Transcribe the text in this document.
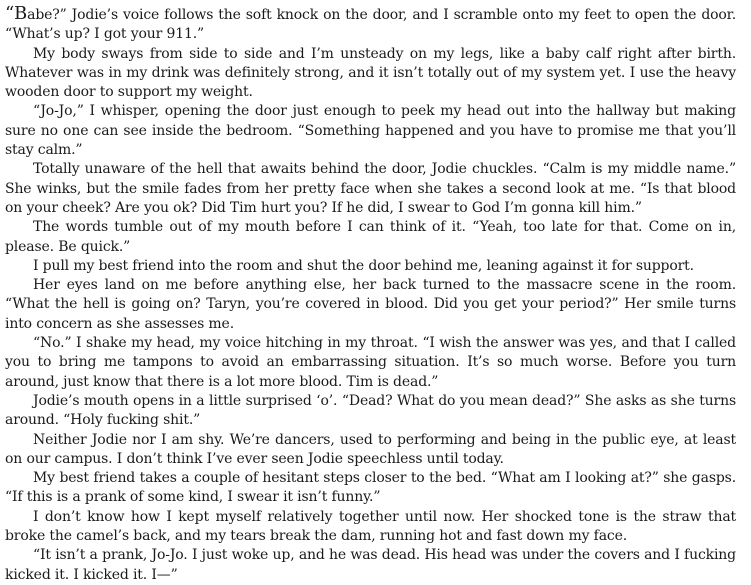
“Babe?” Jodie’s voice follows the soft knock on the door, and I scramble onto my feet to open the door. “What’s up? I got your 911.”

My body sways from side to side and I’m unsteady on my legs, like a baby calf right after birth. Whatever was in my drink was definitely strong, and it isn’t totally out of my system yet. I use the heavy wooden door to support my weight.

“Jo-Jo,” I whisper, opening the door just enough to peek my head out into the hallway but making sure no one can see inside the bedroom. “Something happened and you have to promise me that you’ll stay calm.”

Totally unaware of the hell that awaits behind the door, Jodie chuckles. “Calm is my middle name.” She winks, but the smile fades from her pretty face when she takes a second look at me. “Is that blood on your cheek? Are you ok? Did Tim hurt you? If he did, I swear to God I’m gonna kill him.”

The words tumble out of my mouth before I can think of it. “Yeah, too late for that. Come on in, please. Be quick.”

I pull my best friend into the room and shut the door behind me, leaning against it for support.

Her eyes land on me before anything else, her back turned to the massacre scene in the room. “What the hell is going on? Taryn, you’re covered in blood. Did you get your period?” Her smile turns into concern as she assesses me.

“No.” I shake my head, my voice hitching in my throat. “I wish the answer was yes, and that I called you to bring me tampons to avoid an embarrassing situation. It’s so much worse. Before you turn around, just know that there is a lot more blood. Tim is dead.”

Jodie’s mouth opens in a little surprised ‘o’. “Dead? What do you mean dead?” She asks as she turns around. “Holy fucking shit.”

Neither Jodie nor I am shy. We’re dancers, used to performing and being in the public eye, at least on our campus. I don’t think I’ve ever seen Jodie speechless until today.

My best friend takes a couple of hesitant steps closer to the bed. “What am I looking at?” she gasps. “If this is a prank of some kind, I swear it isn’t funny.”

I don’t know how I kept myself relatively together until now. Her shocked tone is the straw that broke the camel’s back, and my tears break the dam, running hot and fast down my face.

“It isn’t a prank, Jo-Jo. I just woke up, and he was dead. His head was under the covers and I fucking kicked it. I kicked it. I—”
